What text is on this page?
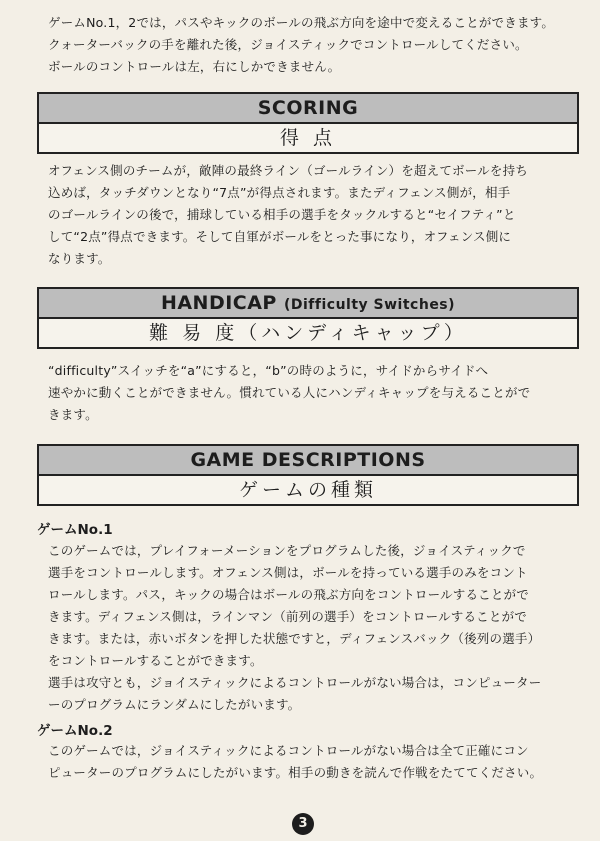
ゲームNo.1，2では，パスやキックのボールの飛ぶ方向を途中で変えることができます。

クォーターバックの手を離れた後，ジョイスティックでコントロールしてください。

ボールのコントロールは左，右にしかできません。

SCORING
得 点

オフェンス側のチームが，敵陣の最終ライン（ゴールライン）を超えてボールを持ち

込めば，タッチダウンとなり“7点”が得点されます。またディフェンス側が，相手

のゴールラインの後で，捕球している相手の選手をタックルすると“セイフティ”と

して“2点”得点できます。そして自軍がボールをとった事になり，オフェンス側に

なります。

HANDICAP (Difficulty Switches)
難 易 度（ハンディキャップ）

“difficulty”スイッチを“a”にすると，“b”の時のように，サイドからサイドへ

速やかに動くことができません。慣れている人にハンディキャップを与えることがで

きます。

GAME DESCRIPTIONS
ゲームの種類
ゲームNo.1

このゲームでは，プレイフォーメーションをプログラムした後，ジョイスティックで

選手をコントロールします。オフェンス側は，ボールを持っている選手のみをコント

ロールします。パス，キックの場合はボールの飛ぶ方向をコントロールすることがで

きます。ディフェンス側は，ラインマン（前列の選手）をコントロールすることがで

きます。または，赤いボタンを押した状態ですと，ディフェンスバック（後列の選手）

をコントロールすることができます。

選手は攻守とも，ジョイスティックによるコントロールがない場合は，コンピューター

ーのプログラムにランダムにしたがいます。

ゲームNo.2

このゲームでは，ジョイスティックによるコントロールがない場合は全て正確にコン

ピューターのプログラムにしたがいます。相手の動きを読んで作戦をたててください。

3
